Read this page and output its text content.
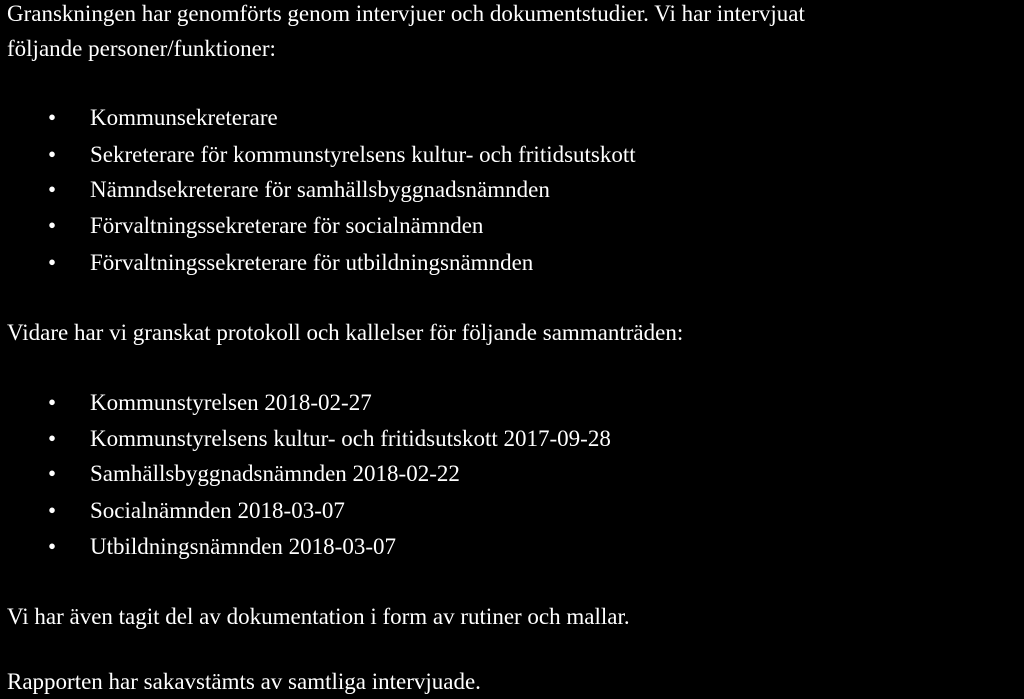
Granskningen har genomförts genom intervjuer och dokumentstudier. Vi har intervjuat
följande personer/funktioner:
• Kommunsekreterare
• Sekreterare för kommunstyrelsens kultur- och fritidsutskott
• Nämndsekreterare för samhällsbyggnadsnämnden
• Förvaltningssekreterare för socialnämnden
• Förvaltningssekreterare för utbildningsnämnden
Vidare har vi granskat protokoll och kallelser för följande sammanträden:
• Kommunstyrelsen 2018-02-27
• Kommunstyrelsens kultur- och fritidsutskott 2017-09-28
• Samhällsbyggnadsnämnden 2018-02-22
• Socialnämnden 2018-03-07
• Utbildningsnämnden 2018-03-07
Vi har även tagit del av dokumentation i form av rutiner och mallar.
Rapporten har sakavstämts av samtliga intervjuade.
